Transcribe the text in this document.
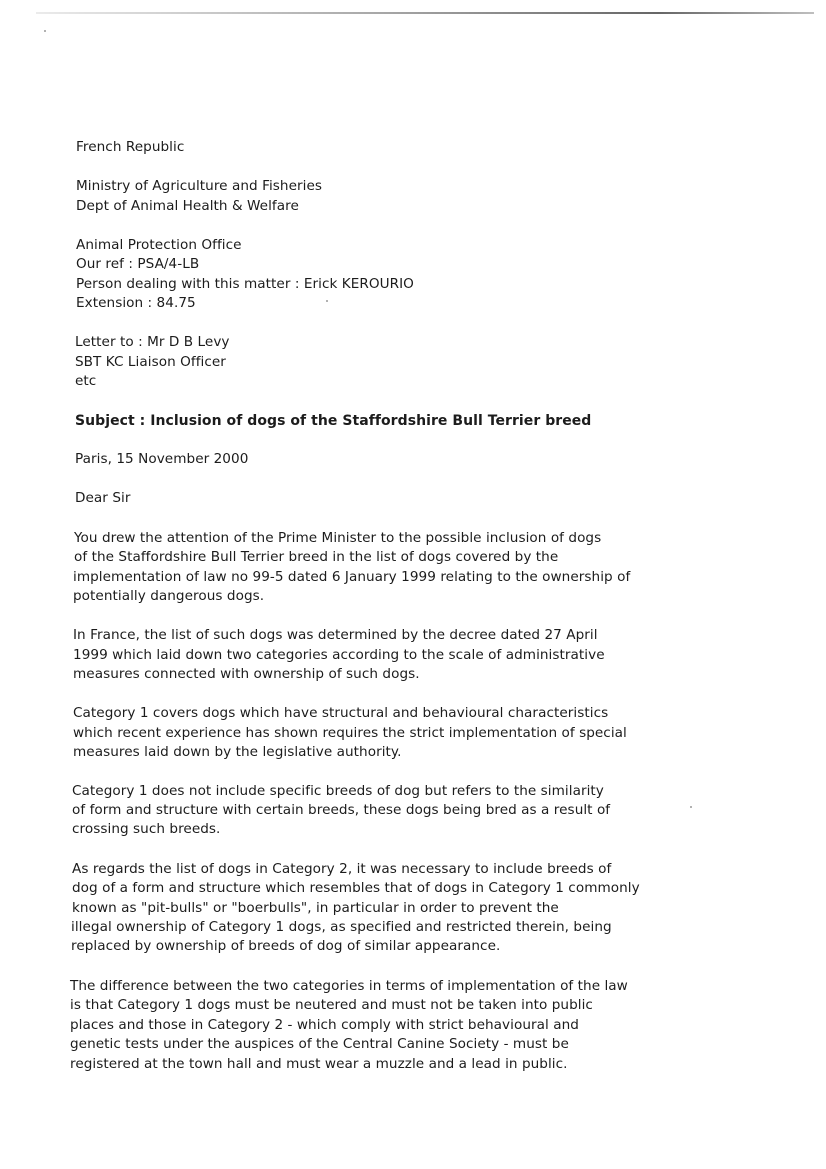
French Republic
Ministry of Agriculture and Fisheries
Dept of Animal Health & Welfare
Animal Protection Office
Our ref : PSA/4-LB
Person dealing with this matter : Erick KEROURIO
Extension : 84.75
Letter to : Mr D B Levy
SBT KC Liaison Officer
etc
Subject : Inclusion of dogs of the Staffordshire Bull Terrier breed
Paris, 15 November 2000
Dear Sir
You drew the attention of the Prime Minister to the possible inclusion of dogs
of the Staffordshire Bull Terrier breed in the list of dogs covered by the
implementation of law no 99-5 dated 6 January 1999 relating to the ownership of
potentially dangerous dogs.
In France, the list of such dogs was determined by the decree dated 27 April
1999 which laid down two categories according to the scale of administrative
measures connected with ownership of such dogs.
Category 1 covers dogs which have structural and behavioural characteristics
which recent experience has shown requires the strict implementation of special
measures laid down by the legislative authority.
Category 1 does not include specific breeds of dog but refers to the similarity
of form and structure with certain breeds, these dogs being bred as a result of
crossing such breeds.
As regards the list of dogs in Category 2, it was necessary to include breeds of
dog of a form and structure which resembles that of dogs in Category 1 commonly
known as "pit-bulls" or "boerbulls", in particular in order to prevent the
illegal ownership of Category 1 dogs, as specified and restricted therein, being
replaced by ownership of breeds of dog of similar appearance.
The difference between the two categories in terms of implementation of the law
is that Category 1 dogs must be neutered and must not be taken into public
places and those in Category 2 - which comply with strict behavioural and
genetic tests under the auspices of the Central Canine Society - must be
registered at the town hall and must wear a muzzle and a lead in public.
